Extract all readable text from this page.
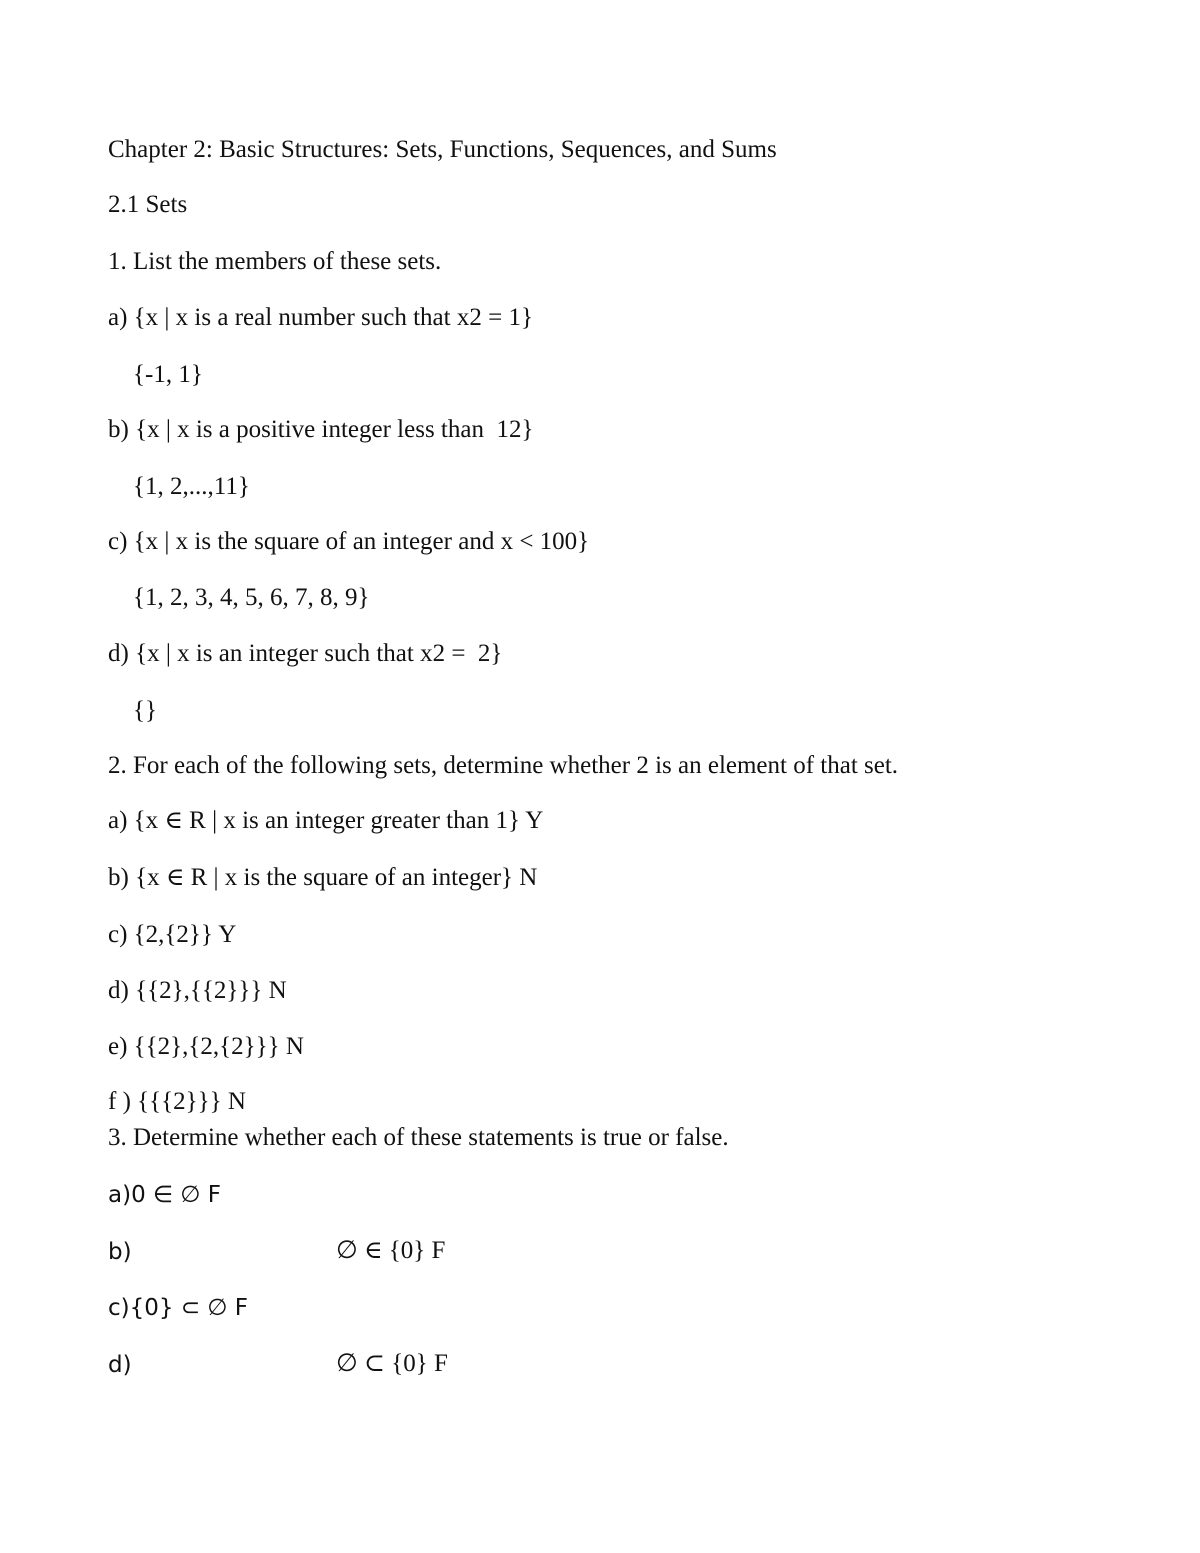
Chapter 2: Basic Structures: Sets, Functions, Sequences, and Sums
2.1 Sets
1. List the members of these sets.
a) {x | x is a real number such that x2 = 1}
{-1, 1}
b) {x | x is a positive integer less than  12}
{1, 2,...,11}
c) {x | x is the square of an integer and x < 100}
{1, 2, 3, 4, 5, 6, 7, 8, 9}
d) {x | x is an integer such that x2 =  2}
{}
2. For each of the following sets, determine whether 2 is an element of that set.
a) {x ∈ R | x is an integer greater than 1} Y
b) {x ∈ R | x is the square of an integer} N
c) {2,{2}} Y
d) {{2},{{2}}} N
e) {{2},{2,{2}}} N
f ) {{{2}}} N
3. Determine whether each of these statements is true or false.
a)0 ∈ ∅ F
b)	∅ ∈ {0} F
c){0} ⊂ ∅ F
d)	∅ ⊂ {0} F
